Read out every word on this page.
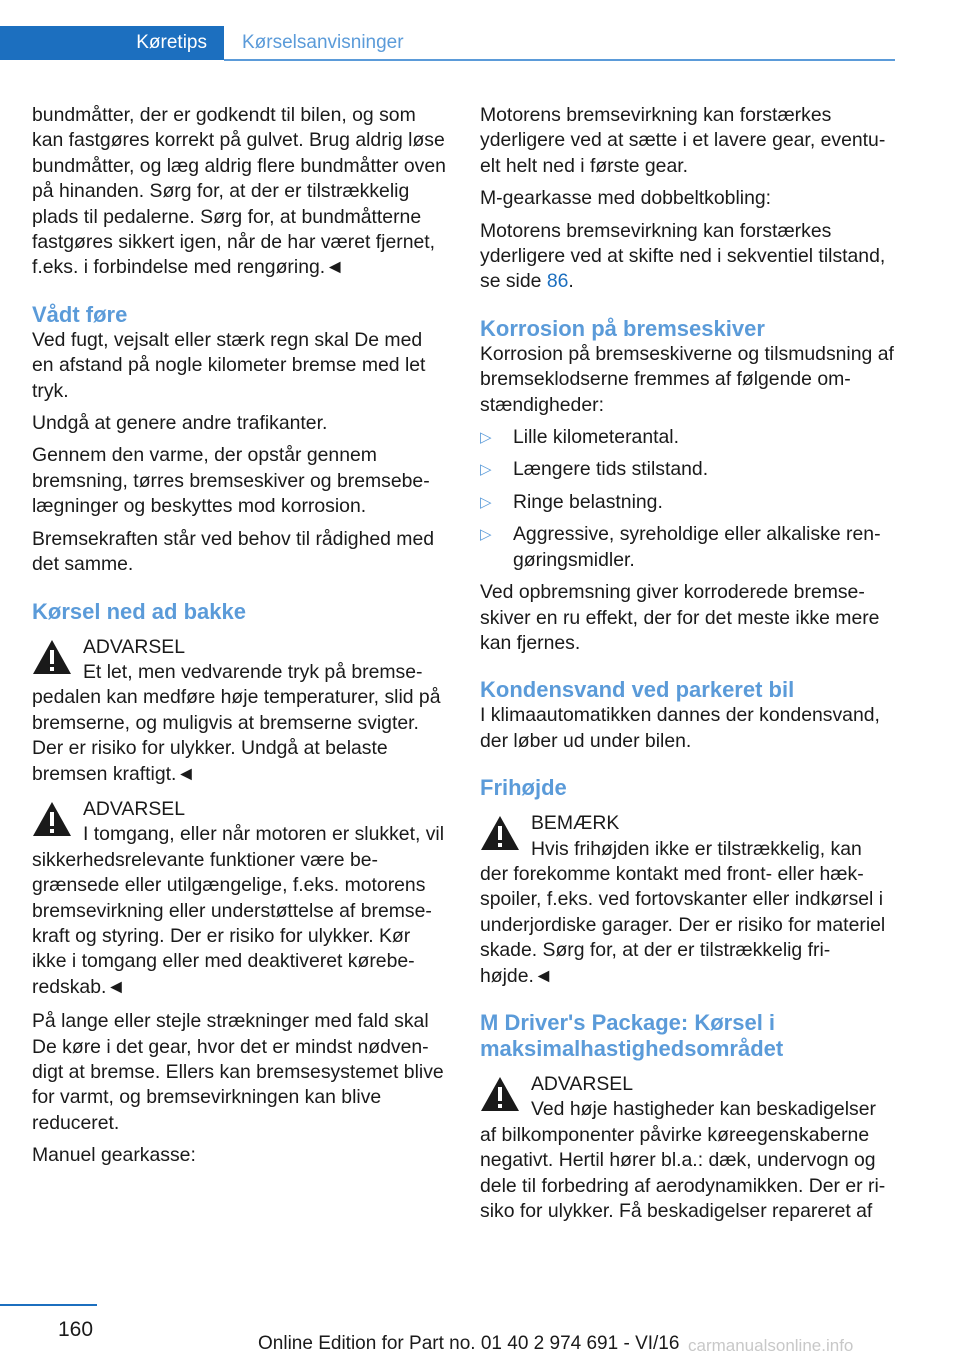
Køretips	Kørselsanvisninger

bundmåtter, der er godkendt til bilen, og som kan fastgøres korrekt på gulvet. Brug aldrig løse bundmåtter, og læg aldrig flere bundmåtter oven på hinanden. Sørg for, at der er tilstrækkelig plads til pedalerne. Sørg for, at bundmåtterne fastgøres sikkert igen, når de har været fjernet, f.eks. i forbindelse med rengøring.◄

Vådt føre

Ved fugt, vejsalt eller stærk regn skal De med en afstand på nogle kilometer bremse med let tryk.

Undgå at genere andre trafikanter.

Gennem den varme, der opstår gennem bremsning, tørres bremseskiver og bremsebelægninger og beskyttes mod korrosion.

Bremsekraften står ved behov til rådighed med det samme.

Kørsel ned ad bakke
ADVARSEL
Et let, men vedvarende tryk på bremsepedalen kan medføre høje temperaturer, slid på bremserne, og muligvis at bremserne svigter. Der er risiko for ulykker. Undgå at belaste bremsen kraftigt.◄
ADVARSEL
I tomgang, eller når motoren er slukket, vil sikkerhedsrelevante funktioner være begrænsede eller utilgængelige, f.eks. motorens bremsevirkning eller understøttelse af bremsekraft og styring. Der er risiko for ulykker. Kør ikke i tomgang eller med deaktiveret køreberedskab.◄

På lange eller stejle strækninger med fald skal De køre i det gear, hvor det er mindst nødvendigt at bremse. Ellers kan bremsesystemet blive for varmt, og bremsevirkningen kan blive reduceret.

Manuel gearkasse:

Motorens bremsevirkning kan forstærkes yderligere ved at sætte i et lavere gear, eventuelt helt ned i første gear.

M-gearkasse med dobbeltkobling:

Motorens bremsevirkning kan forstærkes yderligere ved at skifte ned i sekventiel tilstand, se side 86.

Korrosion på bremseskiver

Korrosion på bremseskiverne og tilsmudsning af bremseklodserne fremmes af følgende omstændigheder:

▷ Lille kilometerantal.
▷ Længere tids stilstand.
▷ Ringe belastning.
▷ Aggressive, syreholdige eller alkaliske rengøringsmidler.

Ved opbremsning giver korroderede bremseskiver en ru effekt, der for det meste ikke mere kan fjernes.

Kondensvand ved parkeret bil

I klimaautomatikken dannes der kondensvand, der løber ud under bilen.

Frihøjde
BEMÆRK
Hvis frihøjden ikke er tilstrækkelig, kan der forekomme kontakt med front- eller hækspoiler, f.eks. ved fortovskanter eller indkørsel i underjordiske garager. Der er risiko for materiel skade. Sørg for, at der er tilstrækkelig frihøjde.◄
M Driver's Package: Kørsel i maksimalhastighedsområdet
ADVARSEL
Ved høje hastigheder kan beskadigelser af bilkomponenter påvirke køreegenskaberne negativt. Hertil hører bl.a.: dæk, undervogn og dele til forbedring af aerodynamikken. Der er risiko for ulykker. Få beskadigelser repareret af
160
Online Edition for Part no. 01 40 2 974 691 - VI/16 carmanualsonline.info
